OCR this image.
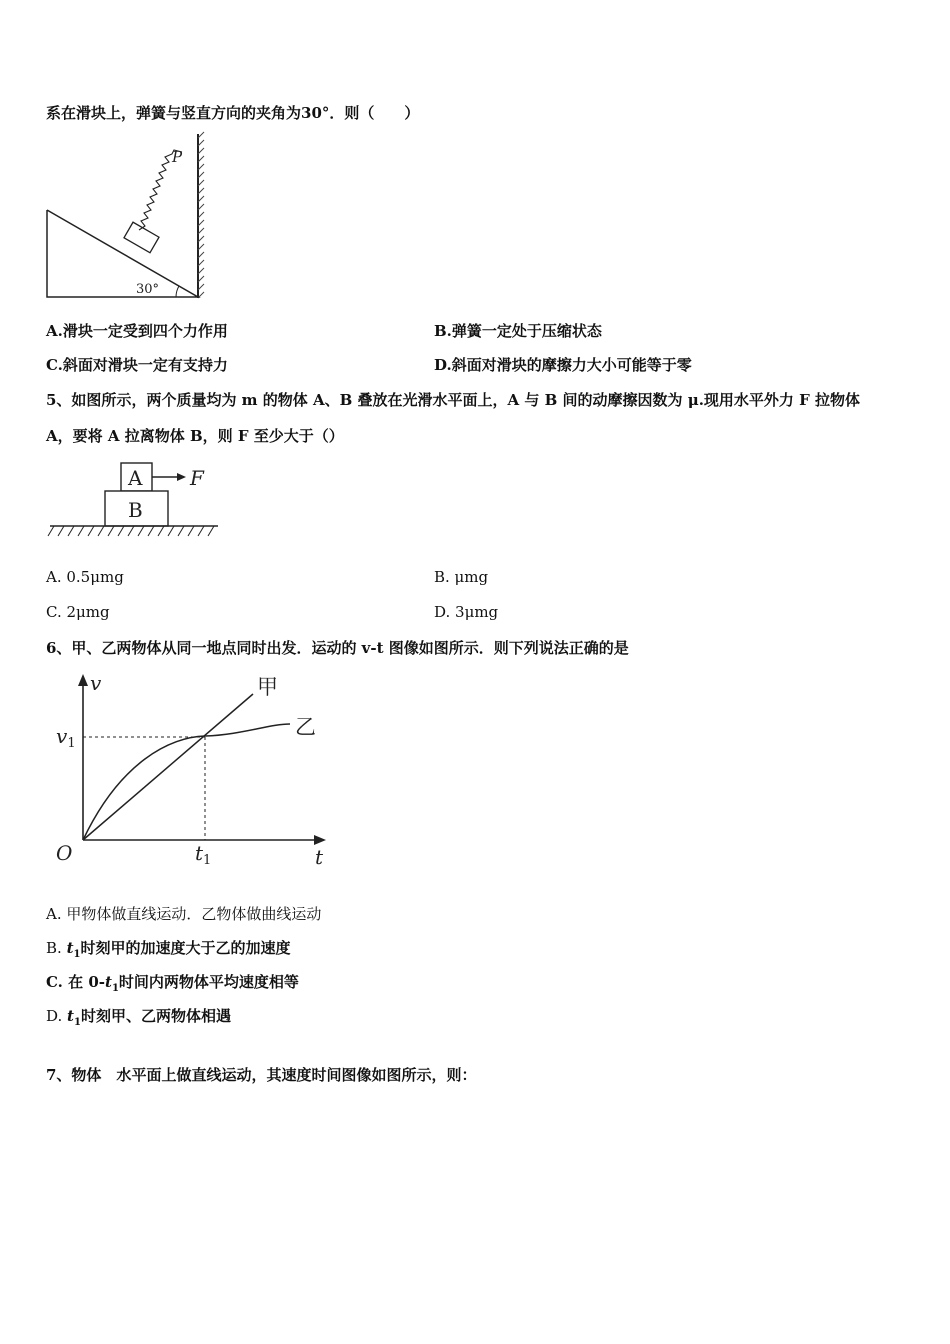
系在滑块上，弹簧与竖直方向的夹角为30°．则（　　）
P
30°
A.滑块一定受到四个力作用	B.弹簧一定处于压缩状态
C.斜面对滑块一定有支持力	D.斜面对滑块的摩擦力大小可能等于零
5、如图所示，两个质量均为 m 的物体 A、B 叠放在光滑水平面上，A 与 B 间的动摩擦因数为 μ.现用水平外力 F 拉物体
A，要将 A 拉离物体 B，则 F 至少大于（）
A
B
F
A. 0.5μmg	B. μmg
C. 2μmg	D. 3μmg
6、甲、乙两物体从同一地点同时出发．运动的 v-t 图像如图所示．则下列说法正确的是
v
t
O
$v_1$
$t_1$
甲
乙
A. 甲物体做直线运动．乙物体做曲线运动
B. $t_1$时刻甲的加速度大于乙的加速度
C. 在 $0-t_1$时间内两物体平均速度相等
D. $t_1$时刻甲、乙两物体相遇
7、物体　水平面上做直线运动，其速度时间图像如图所示，则：
